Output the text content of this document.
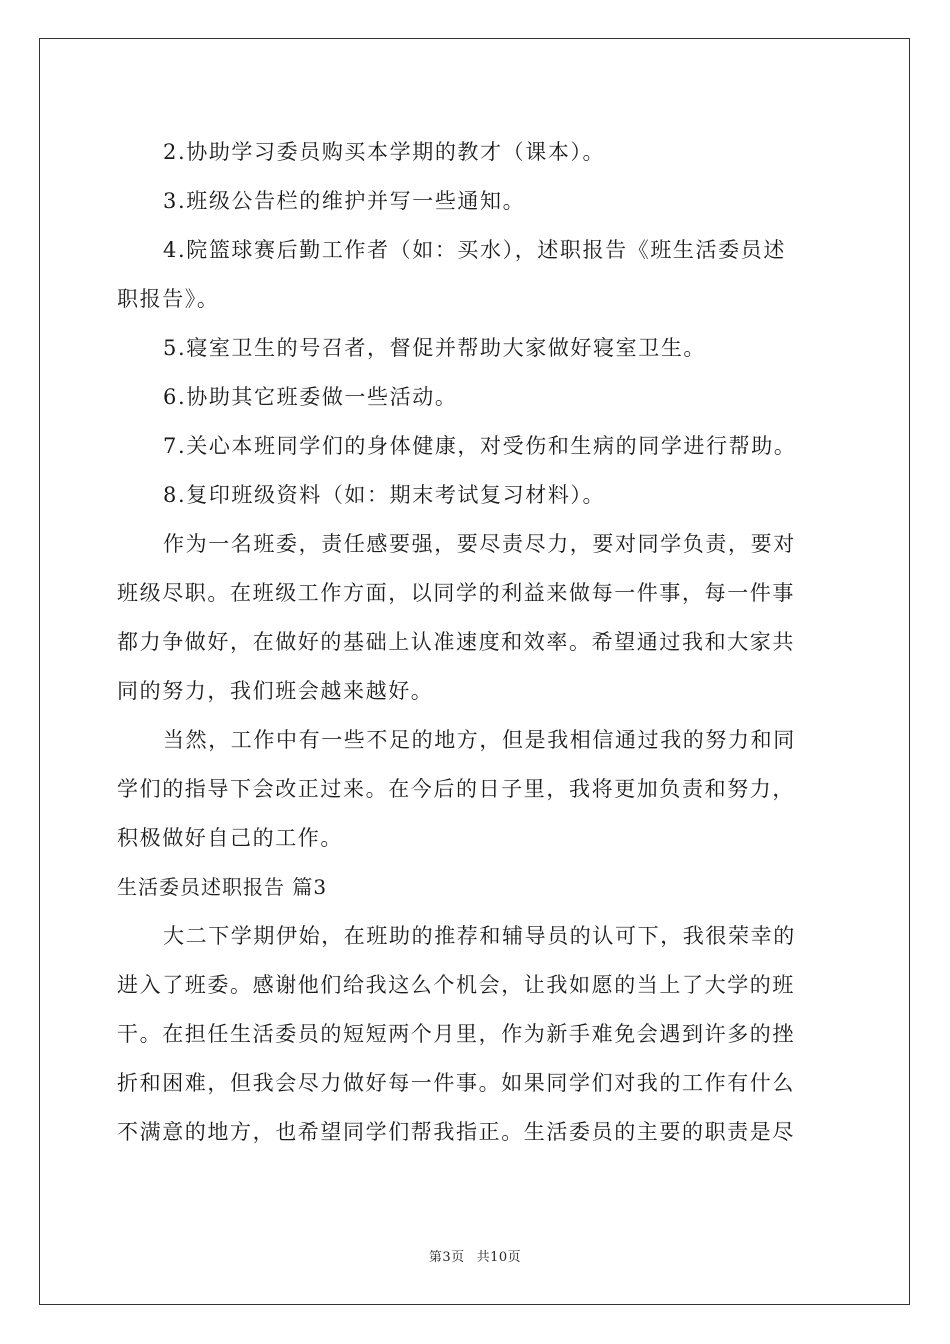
2.协助学习委员购买本学期的教才（课本）。
3.班级公告栏的维护并写一些通知。
4.院篮球赛后勤工作者（如：买水），述职报告《班生活委员述
职报告》。
5.寝室卫生的号召者，督促并帮助大家做好寝室卫生。
6.协助其它班委做一些活动。
7.关心本班同学们的身体健康，对受伤和生病的同学进行帮助。
8.复印班级资料（如：期末考试复习材料）。
作为一名班委，责任感要强，要尽责尽力，要对同学负责，要对
班级尽职。在班级工作方面，以同学的利益来做每一件事，每一件事
都力争做好，在做好的基础上认准速度和效率。希望通过我和大家共
同的努力，我们班会越来越好。
当然，工作中有一些不足的地方，但是我相信通过我的努力和同
学们的指导下会改正过来。在今后的日子里，我将更加负责和努力，
积极做好自己的工作。
生活委员述职报告 篇3
大二下学期伊始，在班助的推荐和辅导员的认可下，我很荣幸的
进入了班委。感谢他们给我这么个机会，让我如愿的当上了大学的班
干。在担任生活委员的短短两个月里，作为新手难免会遇到许多的挫
折和困难，但我会尽力做好每一件事。如果同学们对我的工作有什么
不满意的地方，也希望同学们帮我指正。生活委员的主要的职责是尽
第3页 共10页
